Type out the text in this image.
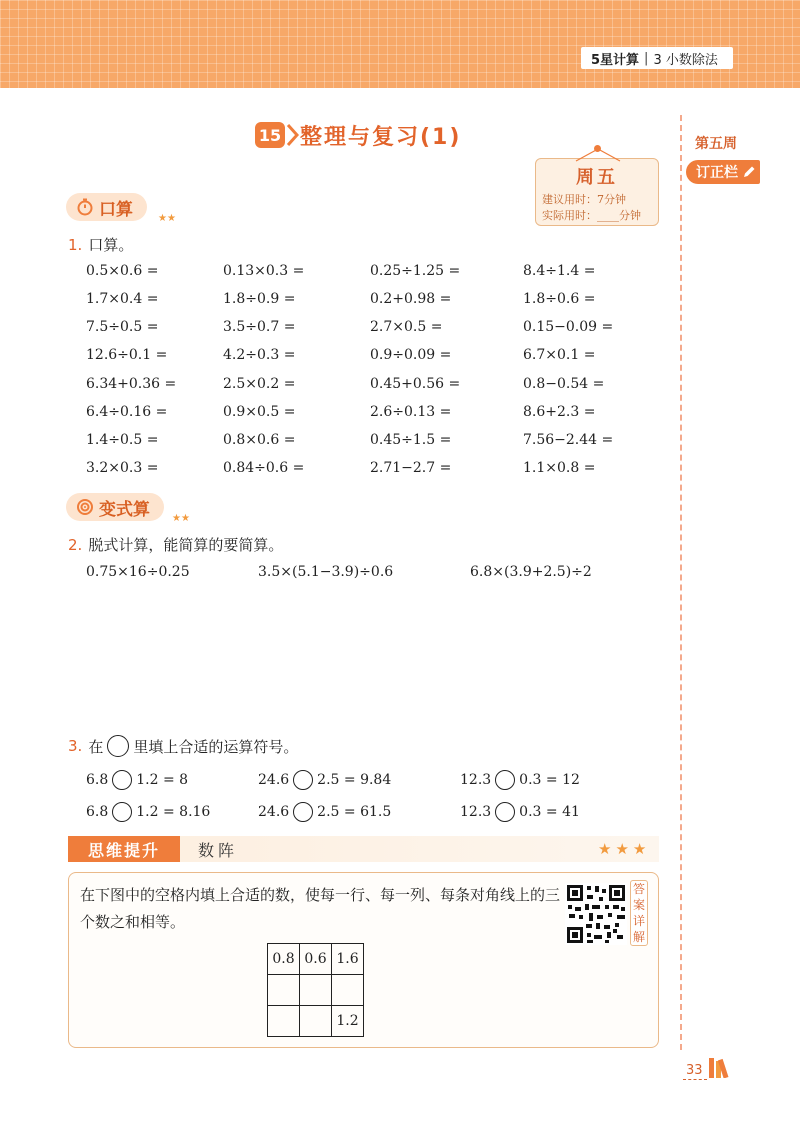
5星计算 | 3 小数除法
第五周
订正栏
15 整理与复习(1)
周五
建议用时：7分钟
实际用时：____分钟
口算	★★
1. 口算。
0.5×0.6 =	0.13×0.3 =	0.25÷1.25 =	8.4÷1.4 =
1.7×0.4 =	1.8÷0.9 =	0.2+0.98 =	1.8÷0.6 =
7.5÷0.5 =	3.5÷0.7 =	2.7×0.5 =	0.15−0.09 =
12.6÷0.1 =	4.2÷0.3 =	0.9÷0.09 =	6.7×0.1 =
6.34+0.36 =	2.5×0.2 =	0.45+0.56 =	0.8−0.54 =
6.4÷0.16 =	0.9×0.5 =	2.6÷0.13 =	8.6+2.3 =
1.4÷0.5 =	0.8×0.6 =	0.45÷1.5 =	7.56−2.44 =
3.2×0.3 =	0.84÷0.6 =	2.71−2.7 =	1.1×0.8 =
变式算 ★★
2. 脱式计算，能简算的要简算。
0.75×16÷0.25	3.5×(5.1−3.9)÷0.6	6.8×(3.9+2.5)÷2
3. 在 里填上合适的运算符号。
6.8 1.2 = 8	24.6 2.5 = 9.84	12.3 0.3 = 12
6.8 1.2 = 8.16	24.6 2.5 = 61.5	12.3 0.3 = 41
思维提升	数阵	★★★
在下图中的空格内填上合适的数，使每一行、每一列、每条对角线上的三个数之和相等。
答
案
详
解
0.8	0.6	1.6

		1.2
33
